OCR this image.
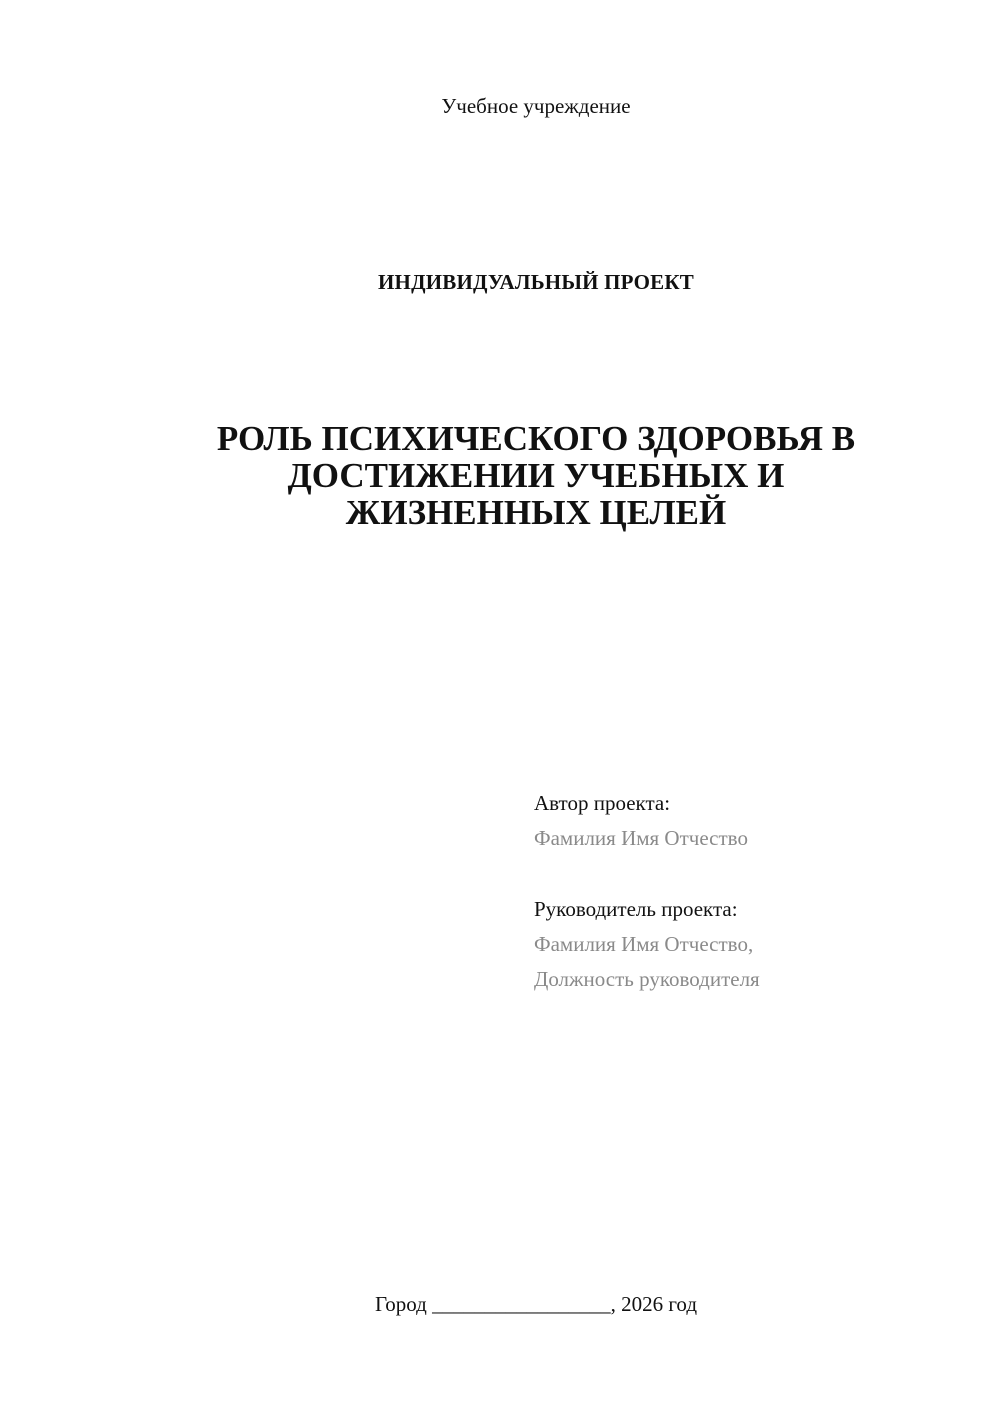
Учебное учреждение
ИНДИВИДУАЛЬНЫЙ ПРОЕКТ
РОЛЬ ПСИХИЧЕСКОГО ЗДОРОВЬЯ В
ДОСТИЖЕНИИ УЧЕБНЫХ И
ЖИЗНЕННЫХ ЦЕЛЕЙ
Автор проекта:
Фамилия Имя Отчество
Руководитель проекта:
Фамилия Имя Отчество,
Должность руководителя
Город _________________, 2026 год
